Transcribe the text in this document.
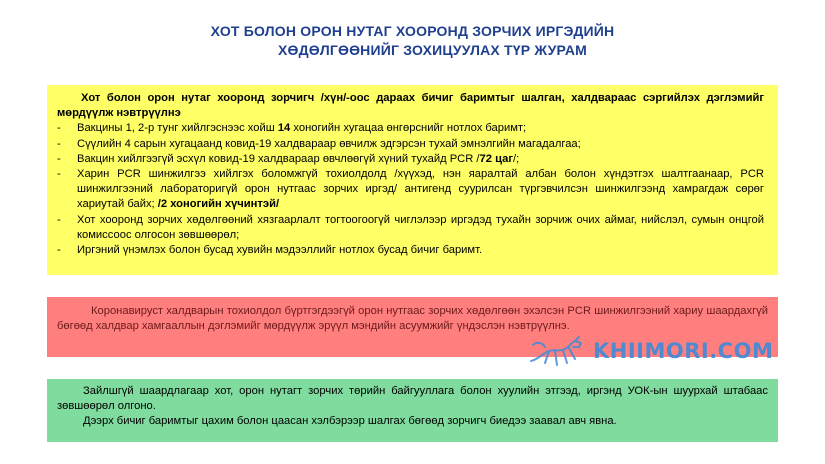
ХОТ БОЛОН ОРОН НУТАГ ХООРОНД ЗОРЧИХ ИРГЭДИЙН
ХӨДӨЛГӨӨНИЙГ ЗОХИЦУУЛАХ ТҮР ЖУРАМ
Хот болон орон нутаг хооронд зорчигч /хүн/-оос дараах бичиг баримтыг шалган, халдвараас сэргийлэх дэглэмийг мөрдүүлж нэвтрүүлнэ
- Вакцины 1, 2-р тунг хийлгэснээс хойш 14 хоногийн хугацаа өнгөрснийг нотлох баримт;
- Сүүлийн 4 сарын хугацаанд ковид-19 халдвараар өвчилж эдгэрсэн тухай эмнэлгийн магадалгаа;
- Вакцин хийлгээгүй эсхүл ковид-19 халдвараар өвчлөөгүй хүний тухайд PCR /72 цаг/;
- Харин PCR шинжилгээ хийлгэх боломжгүй тохиолдолд /хүүхэд, нэн яаралтай албан болон хүндэтгэх шалтгаанаар, PCR шинжилгээний лабораторигүй орон нутгаас зорчих иргэд/ антигенд суурилсан түргэвчилсэн шинжилгээнд хамрагдаж сөрөг хариутай байх; /2 хоногийн хүчинтэй/
- Хот хооронд зорчих хөдөлгөөний хязгаарлалт тогтоогоогүй чиглэлээр иргэдэд тухайн зорчиж очих аймаг, нийслэл, сумын онцгой комиссоос олгосон зөвшөөрөл;
- Иргэний үнэмлэх болон бусад хувийн мэдээллийг нотлох бусад бичиг баримт.
Коронавируст халдварын тохиолдол бүртгэгдээгүй орон нутгаас зорчих хөдөлгөөн эхэлсэн PCR шинжилгээний хариу шаардахгүй бөгөөд халдвар хамгааллын дэглэмийг мөрдүүлж эрүүл мэндийн асуумжийг үндэслэн нэвтрүүлнэ.
KHIIMORI.COM
Зайлшгүй шаардлагаар хот, орон нутагт зорчих төрийн байгууллага болон хуулийн этгээд, иргэнд УОК-ын шуурхай штабаас зөвшөөрөл олгоно.
Дээрх бичиг баримтыг цахим болон цаасан хэлбэрээр шалгах бөгөөд зорчигч биедээ заавал авч явна.
